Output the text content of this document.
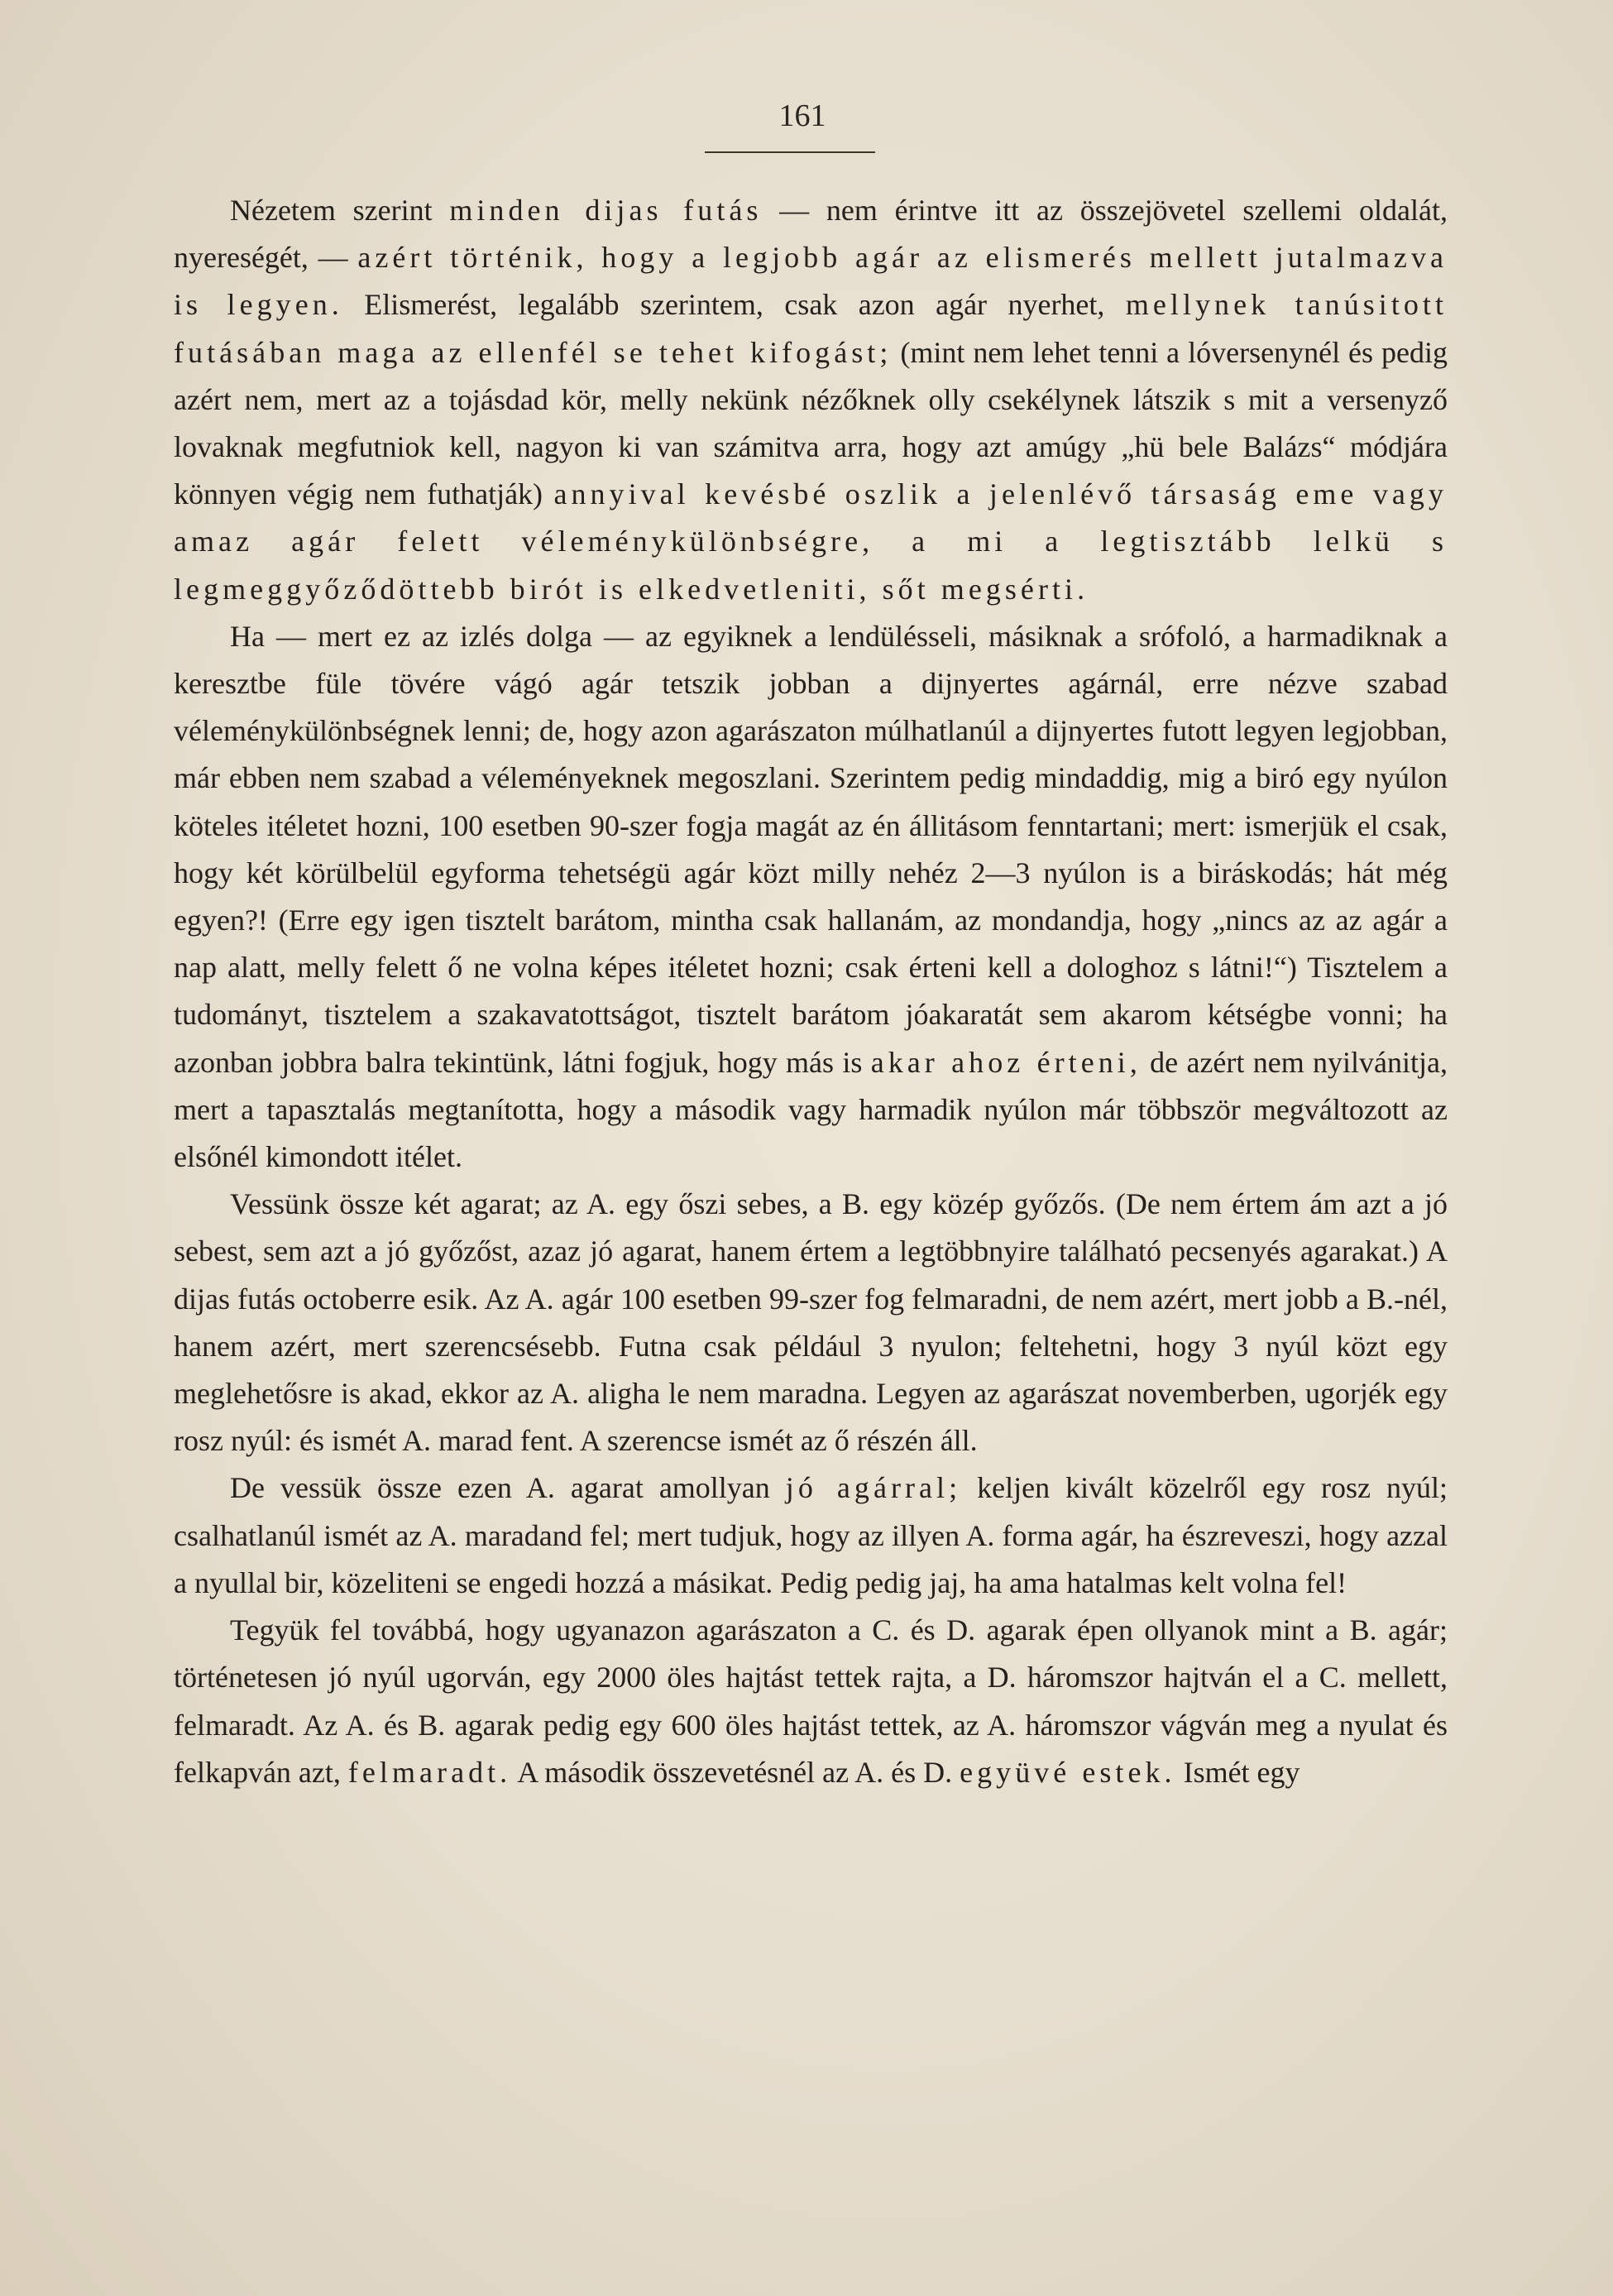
161

Nézetem szerint minden dijas futás — nem érintve itt az összejövetel szellemi oldalát, nyereségét, — azért történik, hogy a legjobb agár az elismerés mellett jutalmazva is legyen. Elismerést, legalább szerintem, csak azon agár nyerhet, mellynek tanúsitott futásában maga az ellenfél se tehet kifogást; (mint nem lehet tenni a lóversenynél és pedig azért nem, mert az a tojásdad kör, melly nekünk nézőknek olly csekélynek látszik s mit a versenyző lovaknak megfutniok kell, nagyon ki van számitva arra, hogy azt amúgy „hü bele Balázs“ módjára könnyen végig nem futhatják) annyival kevésbé oszlik a jelenlévő társaság eme vagy amaz agár felett véleménykülönbségre, a mi a legtisztább lelkü s legmeggyőződöttebb birót is elkedvetleniti, sőt megsérti.

Ha — mert ez az izlés dolga — az egyiknek a lendülésseli, másiknak a srófoló, a harmadiknak a keresztbe füle tövére vágó agár tetszik jobban a dijnyertes agárnál, erre nézve szabad véleménykülönbségnek lenni; de, hogy azon agarászaton múlhatlanúl a dijnyertes futott legyen legjobban, már ebben nem szabad a véleményeknek megoszlani. Szerintem pedig mindaddig, mig a biró egy nyúlon köteles itéletet hozni, 100 esetben 90-szer fogja magát az én állitásom fenntartani; mert: ismerjük el csak, hogy két körülbelül egyforma tehetségü agár közt milly nehéz 2—3 nyúlon is a biráskodás; hát még egyen?! (Erre egy igen tisztelt barátom, mintha csak hallanám, az mondandja, hogy „nincs az az agár a nap alatt, melly felett ő ne volna képes itéletet hozni; csak érteni kell a dologhoz s látni!“) Tisztelem a tudományt, tisztelem a szakavatottságot, tisztelt barátom jóakaratát sem akarom kétségbe vonni; ha azonban jobbra balra tekintünk, látni fogjuk, hogy más is akar ahoz érteni, de azért nem nyilvánitja, mert a tapasztalás megtanította, hogy a második vagy harmadik nyúlon már többször megváltozott az elsőnél kimondott itélet.

Vessünk össze két agarat; az A. egy őszi sebes, a B. egy közép győzős. (De nem értem ám azt a jó sebest, sem azt a jó győzőst, azaz jó agarat, hanem értem a legtöbbnyire található pecsenyés agarakat.) A dijas futás octoberre esik. Az A. agár 100 esetben 99-szer fog felmaradni, de nem azért, mert jobb a B.-nél, hanem azért, mert szerencsésebb. Futna csak például 3 nyulon; feltehetni, hogy 3 nyúl közt egy meglehetősre is akad, ekkor az A. aligha le nem maradna. Legyen az agarászat novemberben, ugorjék egy rosz nyúl: és ismét A. marad fent. A szerencse ismét az ő részén áll.

De vessük össze ezen A. agarat amollyan jó agárral; keljen kivált közelről egy rosz nyúl; csalhatlanúl ismét az A. maradand fel; mert tudjuk, hogy az illyen A. forma agár, ha észreveszi, hogy azzal a nyullal bir, közeliteni se engedi hozzá a másikat. Pedig pedig jaj, ha ama hatalmas kelt volna fel!

Tegyük fel továbbá, hogy ugyanazon agarászaton a C. és D. agarak épen ollyanok mint a B. agár; történetesen jó nyúl ugorván, egy 2000 öles hajtást tettek rajta, a D. háromszor hajtván el a C. mellett, felmaradt. Az A. és B. agarak pedig egy 600 öles hajtást tettek, az A. háromszor vágván meg a nyulat és felkapván azt, felmaradt. A második összevetésnél az A. és D. együvé estek. Ismét egy
